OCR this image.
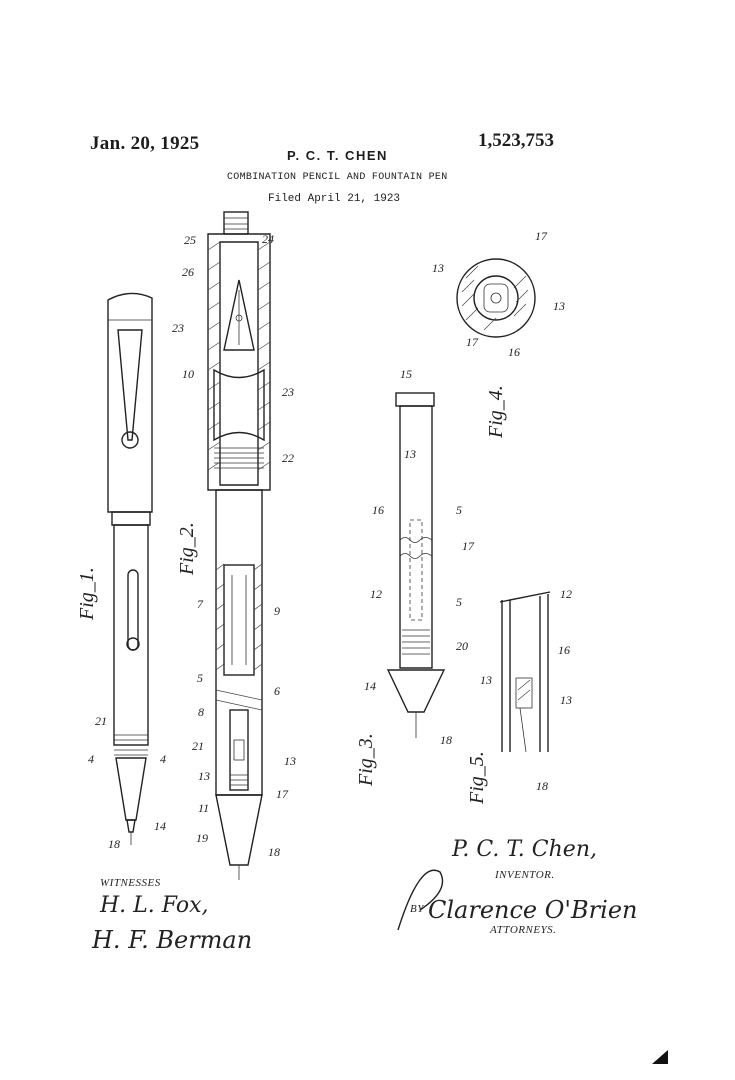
Jan. 20, 1925	1,523,753
P. C. T. CHEN
COMBINATION PENCIL AND FOUNTAIN PEN
Filed April 21, 1923
23
21
4	4
14
18
25	24
26
10
23
22
7	9
5
8
6
21
13
13
17
11
19
18
15
13
16	5
17
12
5
20
14
18
13
17
13
17
16
12
13
16
13
18
Fig_1.
Fig_2.
Fig_3.
Fig_4.
Fig_5.
WITNESSES
H. L. Fox,
H. F. Berman
P. C. T. Chen,
INVENTOR.
BY Clarence O'Brien
ATTORNEYS.
